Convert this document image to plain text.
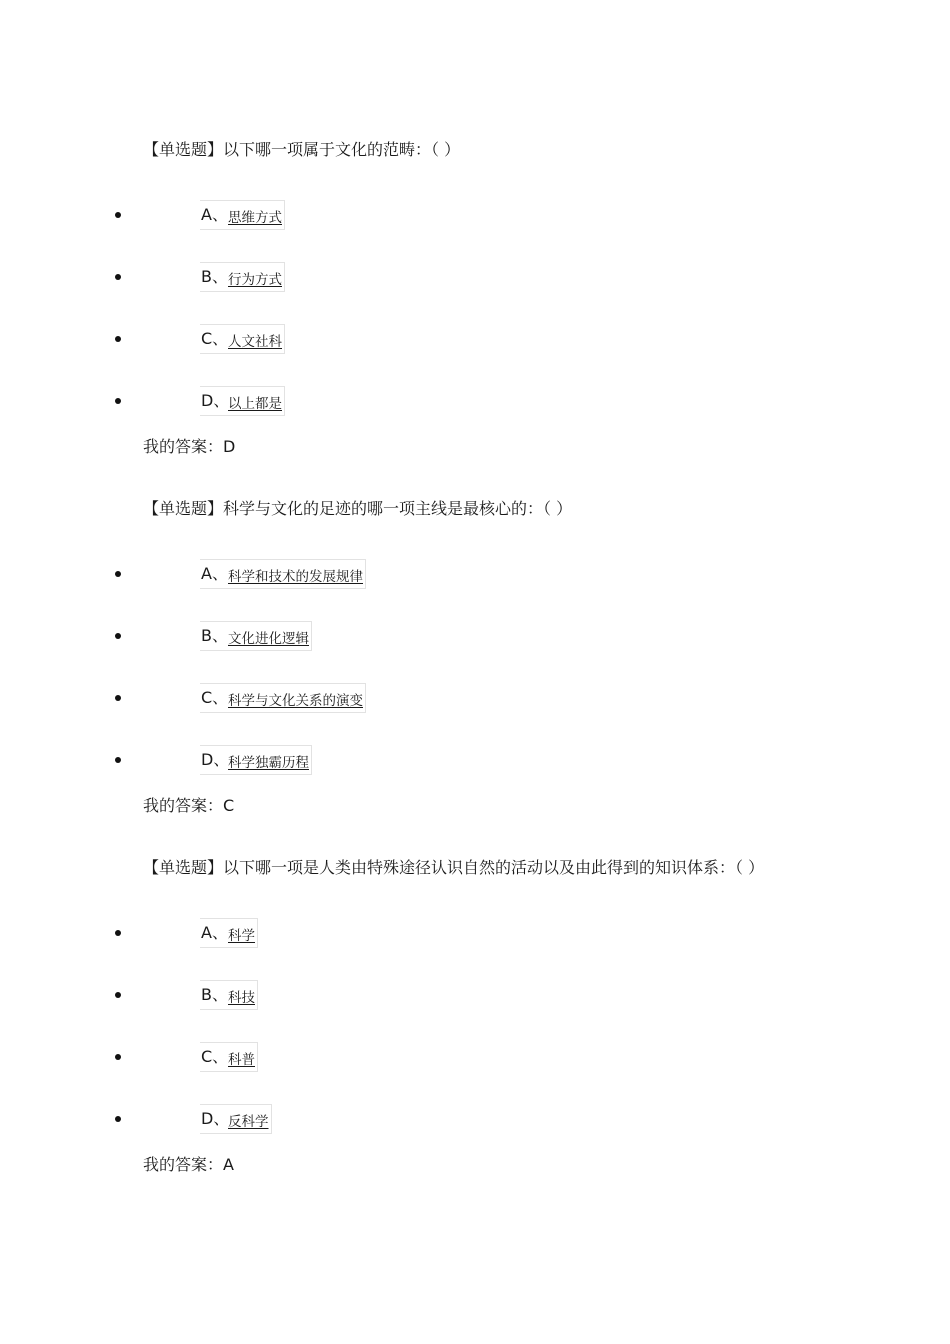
【单选题】以下哪一项属于文化的范畴：（ ）
A、 思维方式
B、 行为方式
C、 人文社科
D、
以上都是
我的答案：D
【单选题】科学与文化的足迹的哪一项主线是最核心的：（ ）
A、 科学和技术的发展规律
B、 文化进化逻辑
C、 科学与文化关系的演变
D、
科学独霸历程
我的答案：C
【单选题】以下哪一项是人类由特殊途径认识自然的活动以及由此得到的知识体系：（ ）
A、 科学
B、 科技
C、 科普
D、
反科学
我的答案：A
